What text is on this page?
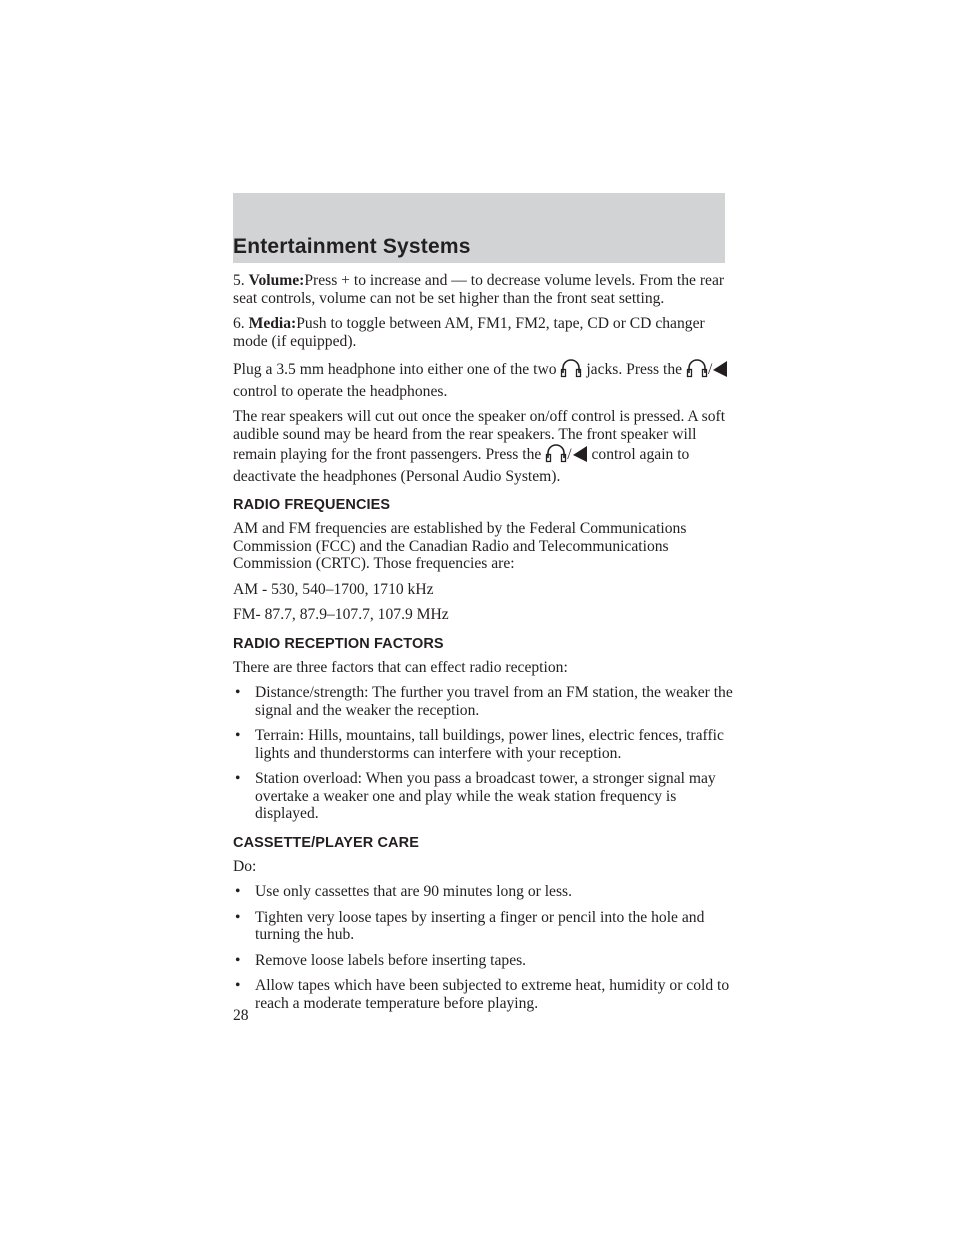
Entertainment Systems

5. Volume:Press + to increase and — to decrease volume levels. From the rear seat controls, volume can not be set higher than the front seat setting.

6. Media:Push to toggle between AM, FM1, FM2, tape, CD or CD changer mode (if equipped).

Plug a 3.5 mm headphone into either one of the two jacks. Press the / control to operate the headphones.

The rear speakers will cut out once the speaker on/off control is pressed. A soft audible sound may be heard from the rear speakers. The front speaker will remain playing for the front passengers. Press the / control again to deactivate the headphones (Personal Audio System).

RADIO FREQUENCIES

AM and FM frequencies are established by the Federal Communications Commission (FCC) and the Canadian Radio and Telecommunications Commission (CRTC). Those frequencies are:

AM - 530, 540–1700, 1710 kHz

FM- 87.7, 87.9–107.7, 107.9 MHz

RADIO RECEPTION FACTORS

There are three factors that can effect radio reception:

• Distance/strength: The further you travel from an FM station, the weaker the signal and the weaker the reception.
• Terrain: Hills, mountains, tall buildings, power lines, electric fences, traffic lights and thunderstorms can interfere with your reception.
• Station overload: When you pass a broadcast tower, a stronger signal may overtake a weaker one and play while the weak station frequency is displayed.
CASSETTE/PLAYER CARE

Do:

• Use only cassettes that are 90 minutes long or less.
• Tighten very loose tapes by inserting a finger or pencil into the hole and turning the hub.
• Remove loose labels before inserting tapes.
• Allow tapes which have been subjected to extreme heat, humidity or cold to reach a moderate temperature before playing.
28
